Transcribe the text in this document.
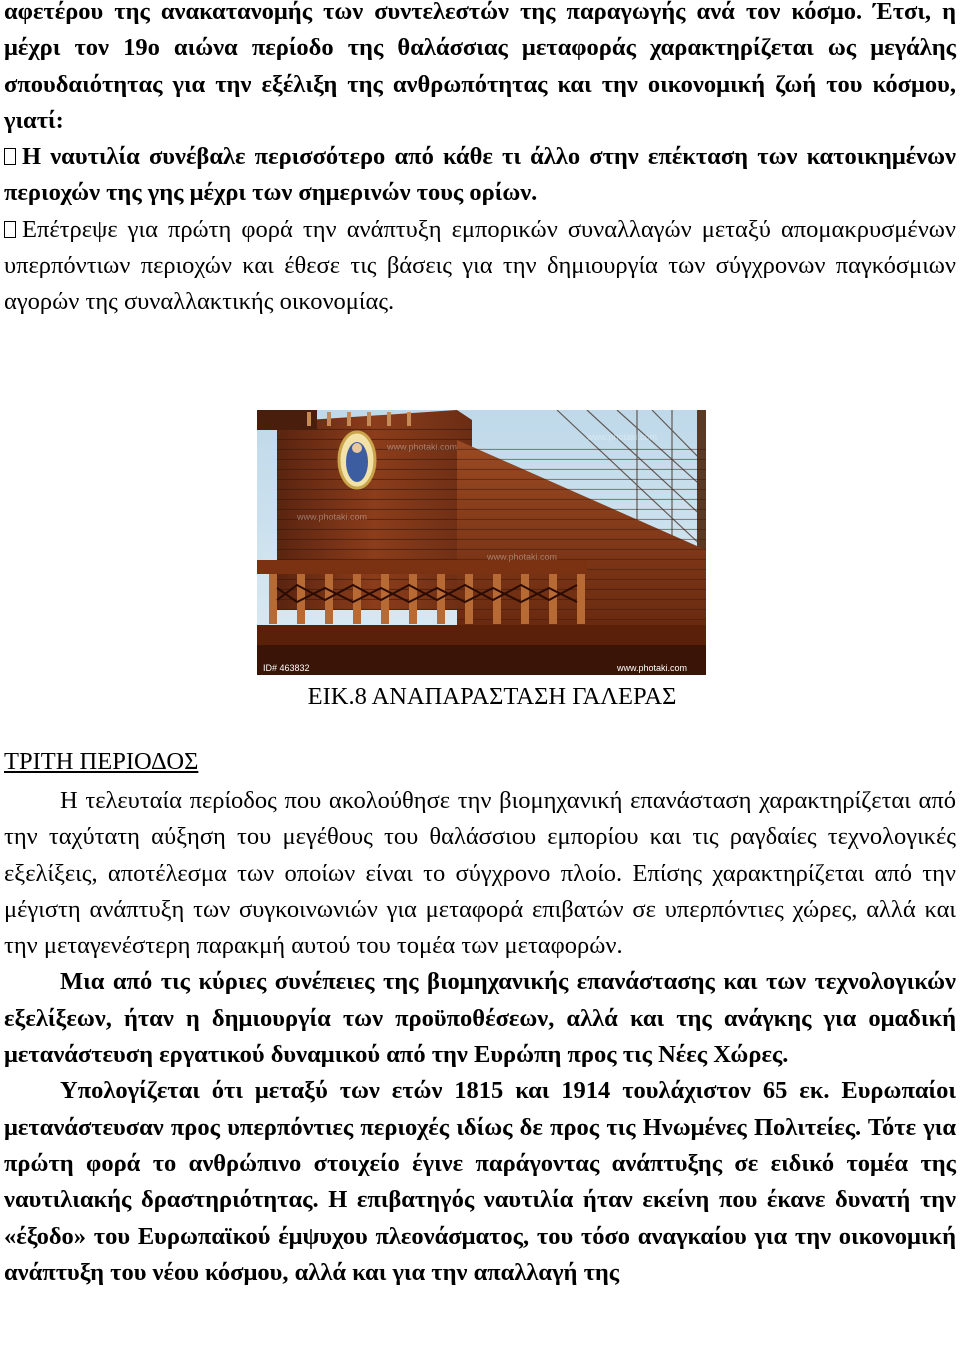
αφετέρου της ανακατανομής των συντελεστών της παραγωγής ανά τον κόσμο. Έτσι, η μέχρι τον 19ο αιώνα περίοδο της θαλάσσιας μεταφοράς χαρακτηρίζεται ως μεγάλης σπουδαιότητας για την εξέλιξη της ανθρωπότητας και την οικονομική ζωή του κόσμου, γιατί:

Η ναυτιλία συνέβαλε περισσότερο από κάθε τι άλλο στην επέκταση των κατοικημένων περιοχών της γης μέχρι των σημερινών τους ορίων.

Επέτρεψε για πρώτη φορά την ανάπτυξη εμπορικών συναλλαγών μεταξύ απομακρυσμένων υπερπόντιων περιοχών και έθεσε τις βάσεις για την δημιουργία των σύγχρονων παγκόσμιων αγορών της συναλλακτικής οικονομίας.

www.photaki.com
www.photaki.com
www.photaki.com
www.photaki.com
ID# 463832	www.photaki.com
ΕΙΚ.8 ΑΝΑΠΑΡΑΣΤΑΣΗ ΓΑΛΕΡΑΣ
ΤΡΙΤΗ ΠΕΡΙΟΔΟΣ

Η τελευταία περίοδος που ακολούθησε την βιομηχανική επανάσταση χαρακτηρίζεται από την ταχύτατη αύξηση του μεγέθους του θαλάσσιου εμπορίου και τις ραγδαίες τεχνολογικές εξελίξεις, αποτέλεσμα των οποίων είναι το σύγχρονο πλοίο. Επίσης χαρακτηρίζεται από την μέγιστη ανάπτυξη των συγκοινωνιών για μεταφορά επιβατών σε υπερπόντιες χώρες, αλλά και την μεταγενέστερη παρακμή αυτού του τομέα των μεταφορών.

Μια από τις κύριες συνέπειες της βιομηχανικής επανάστασης και των τεχνολογικών εξελίξεων, ήταν η δημιουργία των προϋποθέσεων, αλλά και της ανάγκης για ομαδική μετανάστευση εργατικού δυναμικού από την Ευρώπη προς τις Νέες Χώρες.

Υπολογίζεται ότι μεταξύ των ετών 1815 και 1914 τουλάχιστον 65 εκ. Ευρωπαίοι μετανάστευσαν προς υπερπόντιες περιοχές ιδίως δε προς τις Ηνωμένες Πολιτείες. Τότε για πρώτη φορά το ανθρώπινο στοιχείο έγινε παράγοντας ανάπτυξης σε ειδικό τομέα της ναυτιλιακής δραστηριότητας. Η επιβατηγός ναυτιλία ήταν εκείνη που έκανε δυνατή την «έξοδο» του Ευρωπαϊκού έμψυχου πλεονάσματος, του τόσο αναγκαίου για την οικονομική ανάπτυξη του νέου κόσμου, αλλά και για την απαλλαγή της
